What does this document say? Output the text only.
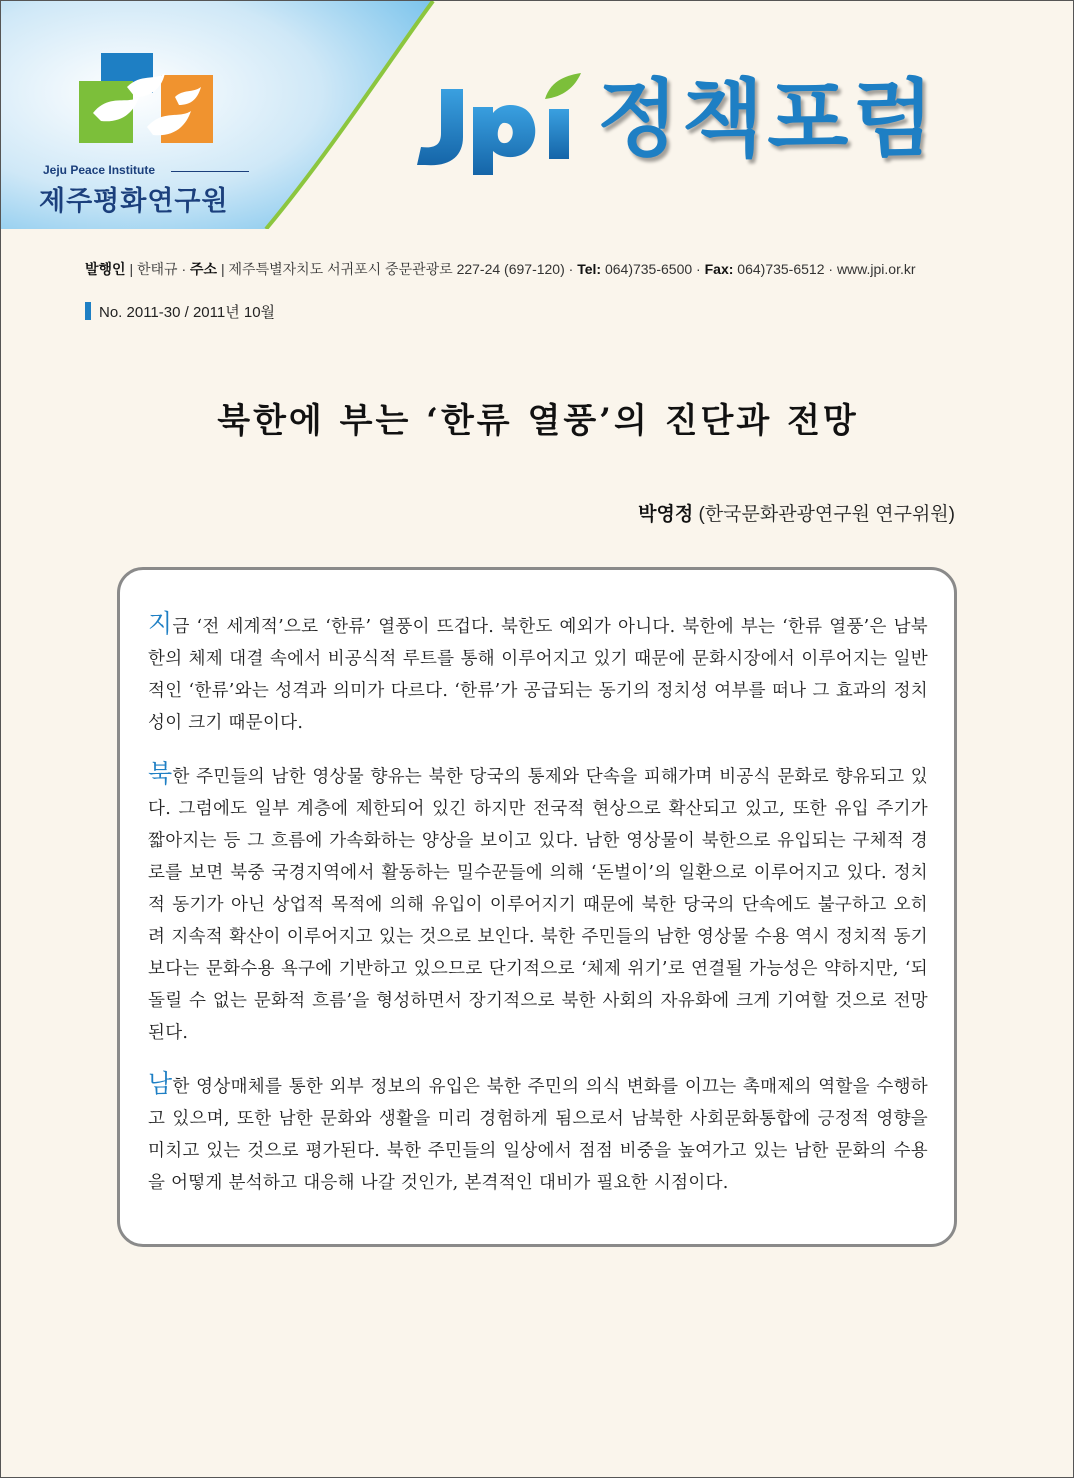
Jeju Peace Institute
제주평화연구원
정책포럼
발행인 | 한태규 · 주소 | 제주특별자치도 서귀포시 중문관광로 227-24 (697-120) · Tel: 064)735-6500 · Fax: 064)735-6512 · www.jpi.or.kr
No. 2011-30 / 2011년 10월
북한에 부는 ‘한류 열풍’의 진단과 전망
박영정 (한국문화관광연구원 연구위원)

지금 ‘전 세계적’으로 ‘한류’ 열풍이 뜨겁다. 북한도 예외가 아니다. 북한에 부는 ‘한류 열풍’은 남북한의 체제 대결 속에서 비공식적 루트를 통해 이루어지고 있기 때문에 문화시장에서 이루어지는 일반적인 ‘한류’와는 성격과 의미가 다르다. ‘한류’가 공급되는 동기의 정치성 여부를 떠나 그 효과의 정치성이 크기 때문이다.

북한 주민들의 남한 영상물 향유는 북한 당국의 통제와 단속을 피해가며 비공식 문화로 향유되고 있다. 그럼에도 일부 계층에 제한되어 있긴 하지만 전국적 현상으로 확산되고 있고, 또한 유입 주기가 짧아지는 등 그 흐름에 가속화하는 양상을 보이고 있다. 남한 영상물이 북한으로 유입되는 구체적 경로를 보면 북중 국경지역에서 활동하는 밀수꾼들에 의해 ‘돈벌이’의 일환으로 이루어지고 있다. 정치적 동기가 아닌 상업적 목적에 의해 유입이 이루어지기 때문에 북한 당국의 단속에도 불구하고 오히려 지속적 확산이 이루어지고 있는 것으로 보인다. 북한 주민들의 남한 영상물 수용 역시 정치적 동기보다는 문화수용 욕구에 기반하고 있으므로 단기적으로 ‘체제 위기’로 연결될 가능성은 약하지만, ‘되돌릴 수 없는 문화적 흐름’을 형성하면서 장기적으로 북한 사회의 자유화에 크게 기여할 것으로 전망된다.

남한 영상매체를 통한 외부 정보의 유입은 북한 주민의 의식 변화를 이끄는 촉매제의 역할을 수행하고 있으며, 또한 남한 문화와 생활을 미리 경험하게 됨으로서 남북한 사회문화통합에 긍정적 영향을 미치고 있는 것으로 평가된다. 북한 주민들의 일상에서 점점 비중을 높여가고 있는 남한 문화의 수용을 어떻게 분석하고 대응해 나갈 것인가, 본격적인 대비가 필요한 시점이다.
